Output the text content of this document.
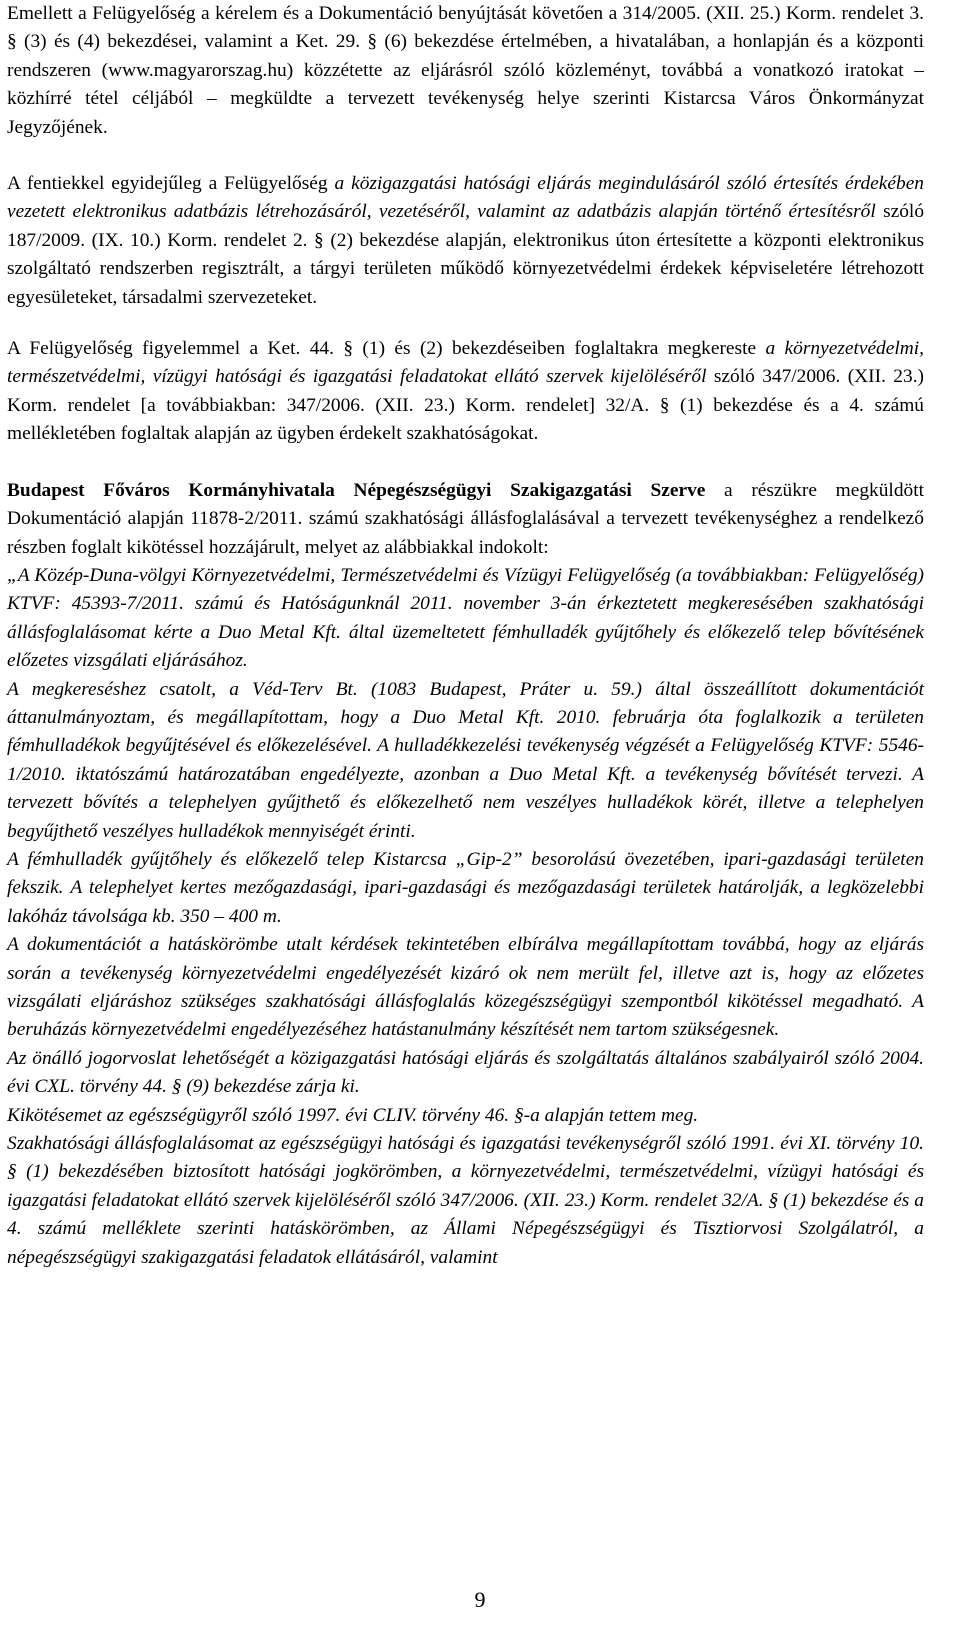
Emellett a Felügyelőség a kérelem és a Dokumentáció benyújtását követően a 314/2005. (XII. 25.) Korm. rendelet 3. § (3) és (4) bekezdései, valamint a Ket. 29. § (6) bekezdése értelmében, a hivatalában, a honlapján és a központi rendszeren (www.magyarorszag.hu) közzétette az eljárásról szóló közleményt, továbbá a vonatkozó iratokat – közhírré tétel céljából – megküldte a tervezett tevékenység helye szerinti Kistarcsa Város Önkormányzat Jegyzőjének.

A fentiekkel egyidejűleg a Felügyelőség a közigazgatási hatósági eljárás megindulásáról szóló értesítés érdekében vezetett elektronikus adatbázis létrehozásáról, vezetéséről, valamint az adatbázis alapján történő értesítésről szóló 187/2009. (IX. 10.) Korm. rendelet 2. § (2) bekezdése alapján, elektronikus úton értesítette a központi elektronikus szolgáltató rendszerben regisztrált, a tárgyi területen működő környezetvédelmi érdekek képviseletére létrehozott egyesületeket, társadalmi szervezeteket.

A Felügyelőség figyelemmel a Ket. 44. § (1) és (2) bekezdéseiben foglaltakra megkereste a környezetvédelmi, természetvédelmi, vízügyi hatósági és igazgatási feladatokat ellátó szervek kijelöléséről szóló 347/2006. (XII. 23.) Korm. rendelet [a továbbiakban: 347/2006. (XII. 23.) Korm. rendelet] 32/A. § (1) bekezdése és a 4. számú mellékletében foglaltak alapján az ügyben érdekelt szakhatóságokat.

Budapest Főváros Kormányhivatala Népegészségügyi Szakigazgatási Szerve a részükre megküldött Dokumentáció alapján 11878-2/2011. számú szakhatósági állásfoglalásával a tervezett tevékenységhez a rendelkező részben foglalt kikötéssel hozzájárult, melyet az alábbiakkal indokolt:

„A Közép-Duna-völgyi Környezetvédelmi, Természetvédelmi és Vízügyi Felügyelőség (a továbbiakban: Felügyelőség) KTVF: 45393-7/2011. számú és Hatóságunknál 2011. november 3-án érkeztetett megkeresésében szakhatósági állásfoglalásomat kérte a Duo Metal Kft. által üzemeltetett fémhulladék gyűjtőhely és előkezelő telep bővítésének előzetes vizsgálati eljárásához.

A megkereséshez csatolt, a Véd-Terv Bt. (1083 Budapest, Práter u. 59.) által összeállított dokumentációt áttanulmányoztam, és megállapítottam, hogy a Duo Metal Kft. 2010. februárja óta foglalkozik a területen fémhulladékok begyűjtésével és előkezelésével. A hulladékkezelési tevékenység végzését a Felügyelőség KTVF: 5546-1/2010. iktatószámú határozatában engedélyezte, azonban a Duo Metal Kft. a tevékenység bővítését tervezi. A tervezett bővítés a telephelyen gyűjthető és előkezelhető nem veszélyes hulladékok körét, illetve a telephelyen begyűjthető veszélyes hulladékok mennyiségét érinti.

A fémhulladék gyűjtőhely és előkezelő telep Kistarcsa „Gip-2” besorolású övezetében, ipari-gazdasági területen fekszik. A telephelyet kertes mezőgazdasági, ipari-gazdasági és mezőgazdasági területek határolják, a legközelebbi lakóház távolsága kb. 350 – 400 m.

A dokumentációt a hatáskörömbe utalt kérdések tekintetében elbírálva megállapítottam továbbá, hogy az eljárás során a tevékenység környezetvédelmi engedélyezését kizáró ok nem merült fel, illetve azt is, hogy az előzetes vizsgálati eljáráshoz szükséges szakhatósági állásfoglalás közegészségügyi szempontból kikötéssel megadható. A beruházás környezetvédelmi engedélyezéséhez hatástanulmány készítését nem tartom szükségesnek.

Az önálló jogorvoslat lehetőségét a közigazgatási hatósági eljárás és szolgáltatás általános szabályairól szóló 2004. évi CXL. törvény 44. § (9) bekezdése zárja ki.

Kikötésemet az egészségügyről szóló 1997. évi CLIV. törvény 46. §-a alapján tettem meg.

Szakhatósági állásfoglalásomat az egészségügyi hatósági és igazgatási tevékenységről szóló 1991. évi XI. törvény 10. § (1) bekezdésében biztosított hatósági jogkörömben, a környezetvédelmi, természetvédelmi, vízügyi hatósági és igazgatási feladatokat ellátó szervek kijelöléséről szóló 347/2006. (XII. 23.) Korm. rendelet 32/A. § (1) bekezdése és a 4. számú melléklete szerinti hatáskörömben, az Állami Népegészségügyi és Tisztiorvosi Szolgálatról, a népegészségügyi szakigazgatási feladatok ellátásáról, valamint

9
